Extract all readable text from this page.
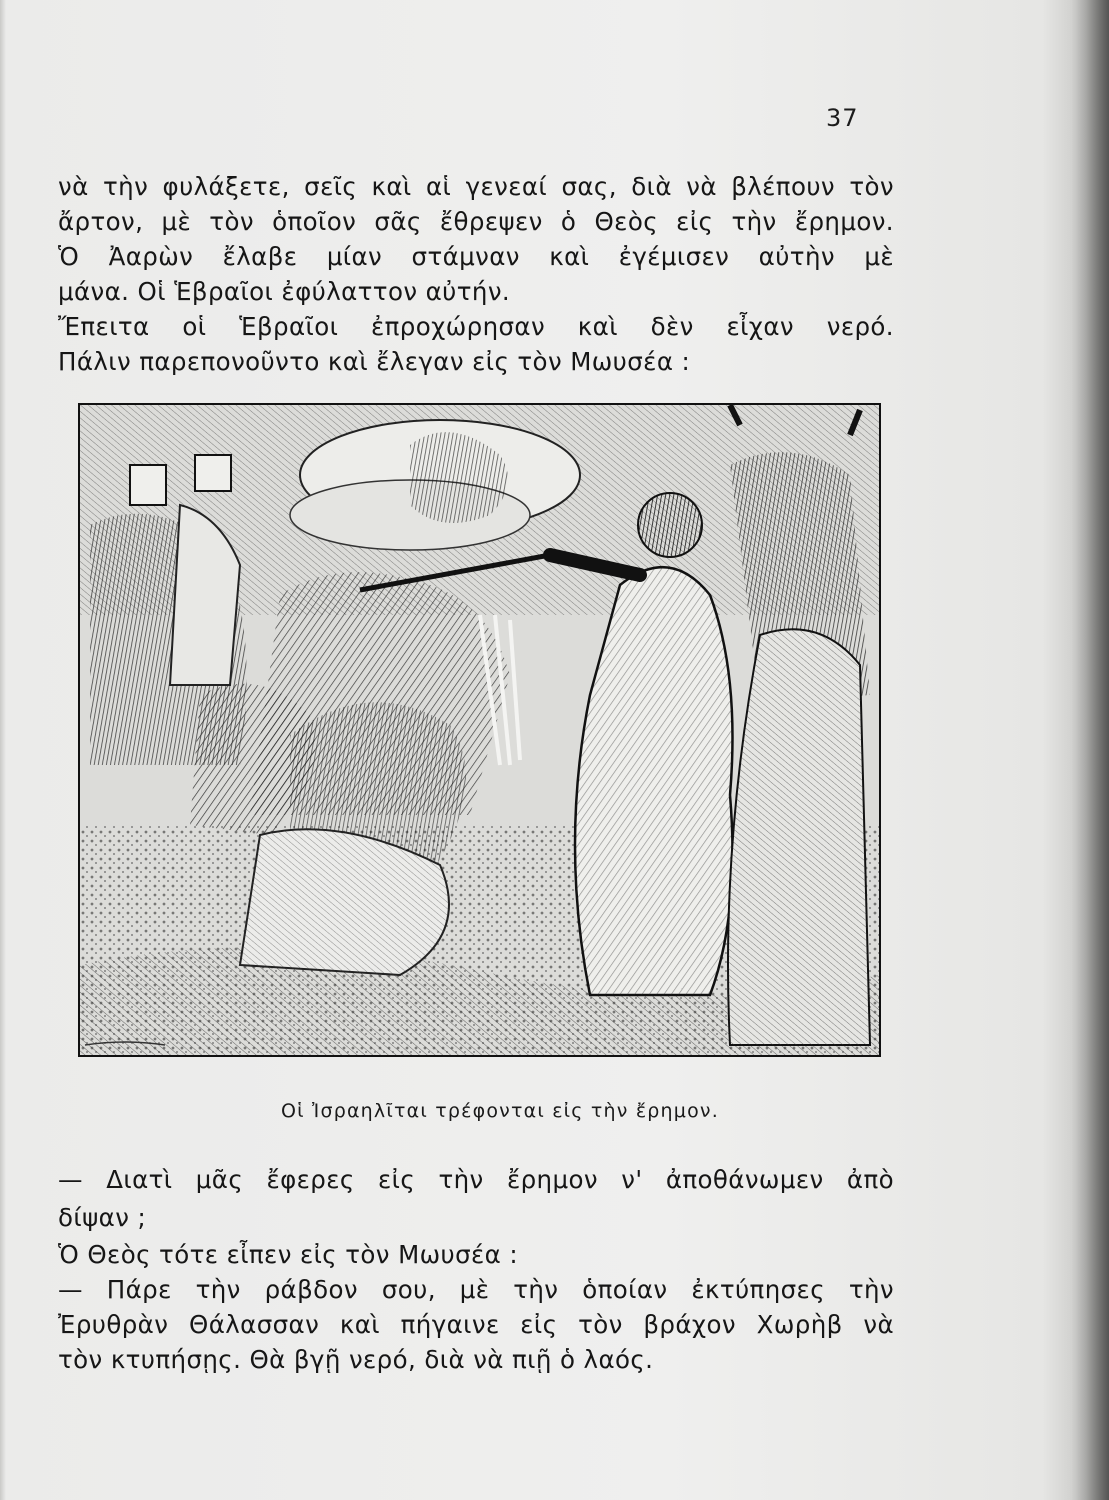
37
νὰ τὴν φυλάξετε, σεῖς καὶ αἱ γενεαί σας, διὰ νὰ βλέπουν τὸν
ἄρτον, μὲ τὸν ὁποῖον σᾶς ἔθρεψεν ὁ Θεὸς εἰς τὴν ἔρημον.
Ὁ Ἀαρὼν ἔλαβε μίαν στάμναν καὶ ἐγέμισεν αὐτὴν μὲ
μάνα. Οἱ Ἑβραῖοι ἐφύλαττον αὐτήν.
Ἔπειτα οἱ Ἑβραῖοι ἐπροχώρησαν καὶ δὲν εἶχαν νερό.
Πάλιν παρεπονοῦντο καὶ ἔλεγαν εἰς τὸν Μωυσέα :
Οἱ Ἰσραηλῖται τρέφονται εἰς τὴν ἔρημον.
— Διατὶ μᾶς ἔφερες εἰς τὴν ἔρημον ν' ἀποθάνωμεν ἀπὸ
δίψαν ;
Ὁ Θεὸς τότε εἶπεν εἰς τὸν Μωυσέα :
— Πάρε τὴν ράβδον σου, μὲ τὴν ὁποίαν ἐκτύπησες τὴν
Ἐρυθρὰν Θάλασσαν καὶ πήγαινε εἰς τὸν βράχον Χωρὴβ νὰ
τὸν κτυπήσῃς. Θὰ βγῇ νερό, διὰ νὰ πιῇ ὁ λαός.
